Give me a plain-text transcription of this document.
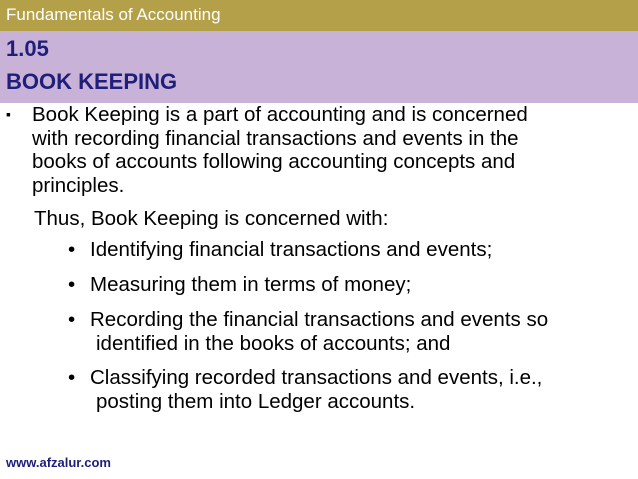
Fundamentals of Accounting
1.05
BOOK KEEPING
▪ Book Keeping is a part of accounting and is concerned
with recording financial transactions and events in the
books of accounts following accounting concepts and
principles.
Thus, Book Keeping is concerned with:
• Identifying financial transactions and events;
• Measuring them in terms of money;
• Recording the financial transactions and events so
identified in the books of accounts; and
• Classifying recorded transactions and events, i.e.,
posting them into Ledger accounts.
www.afzalur.com
